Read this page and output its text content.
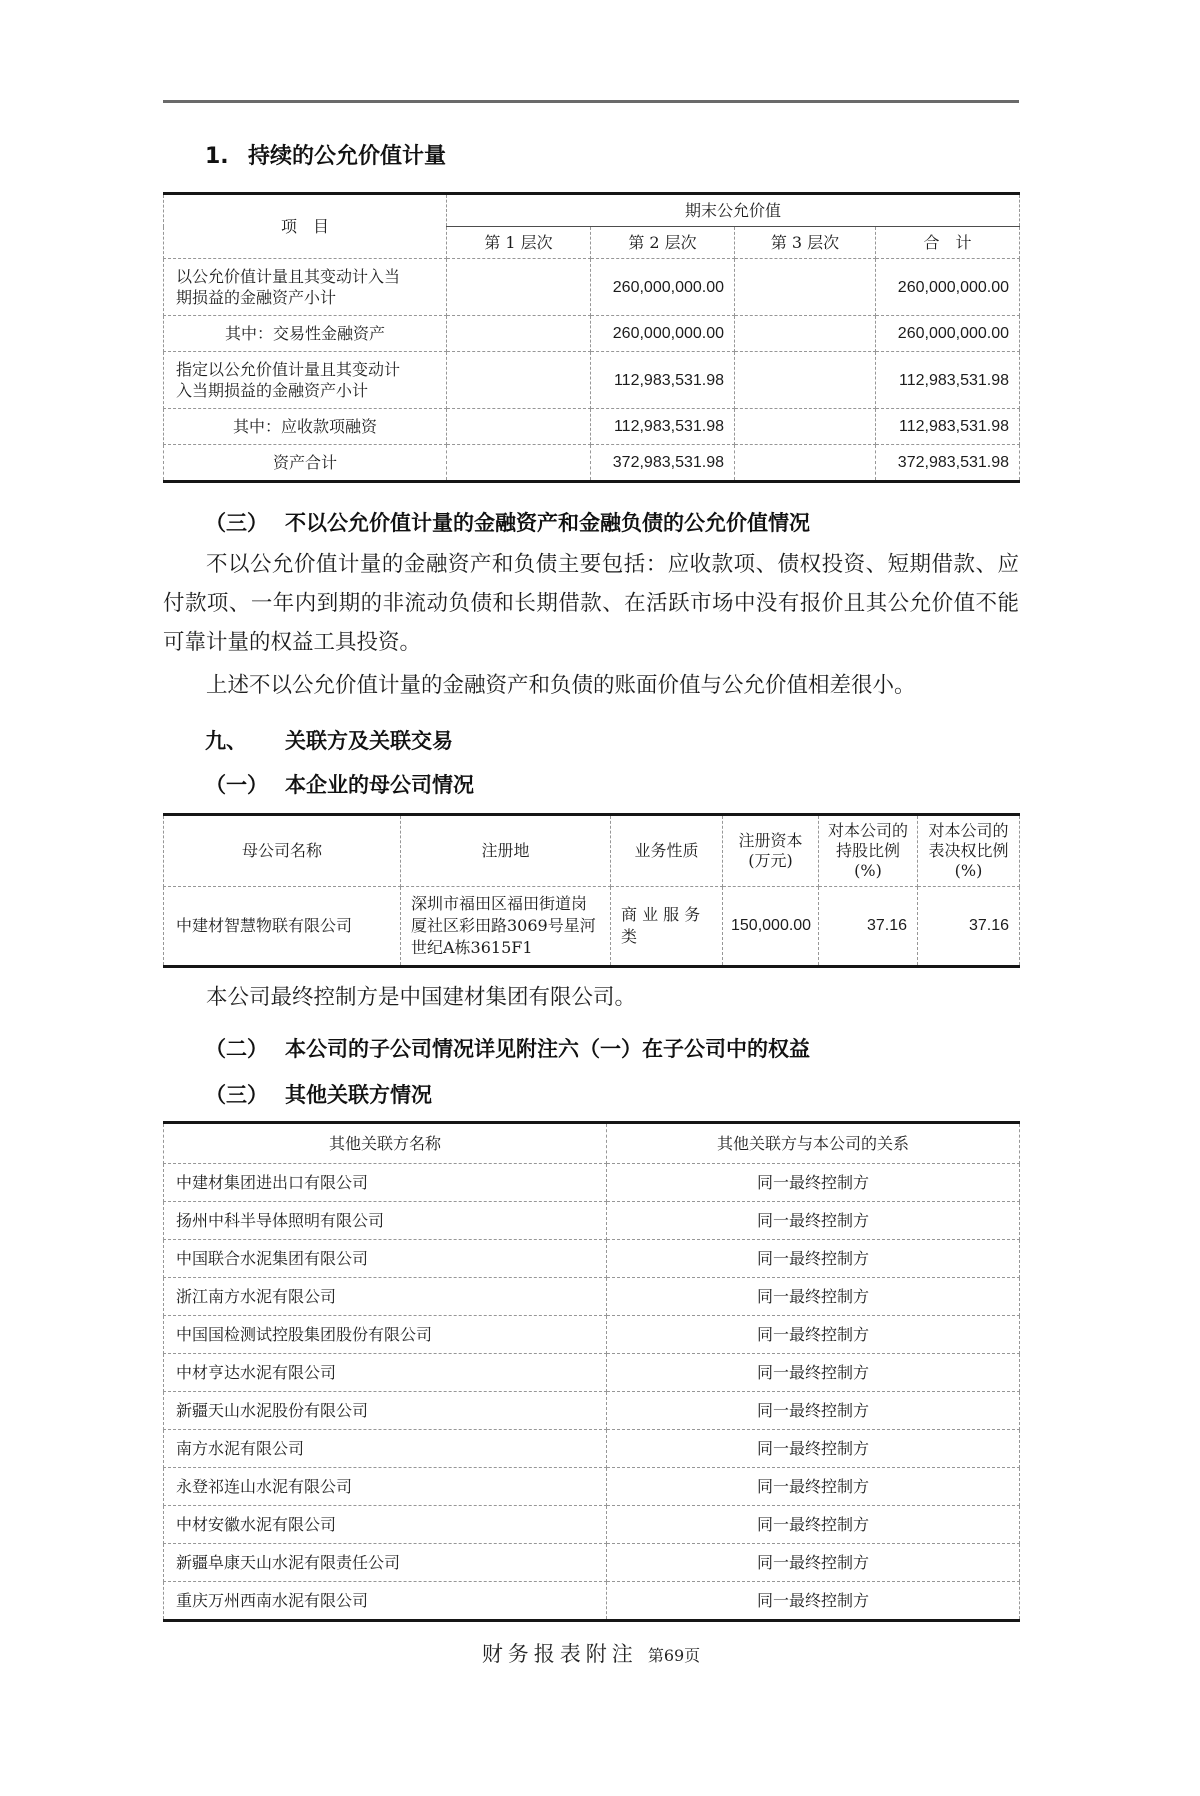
1. 持续的公允价值计量
项　目	期末公允价值			
	第 1 层次	第 2 层次	第 3 层次	合　计
以公允价值计量且其变动计入当期损益的金融资产小计		260,000,000.00		260,000,000.00
其中：交易性金融资产		260,000,000.00		260,000,000.00
指定以公允价值计量且其变动计入当期损益的金融资产小计		112,983,531.98		112,983,531.98
其中：应收款项融资		112,983,531.98		112,983,531.98
资产合计		372,983,531.98		372,983,531.98
（三） 不以公允价值计量的金融资产和金融负债的公允价值情况
不以公允价值计量的金融资产和负债主要包括：应收款项、债权投资、短期借款、应付款项、一年内到期的非流动负债和长期借款、在活跃市场中没有报价且其公允价值不能可靠计量的权益工具投资。
上述不以公允价值计量的金融资产和负债的账面价值与公允价值相差很小。
九、	关联方及关联交易
（一） 本企业的母公司情况
母公司名称	注册地	业务性质	注册资本 (万元)	对本公司的持股比例 (%)	对本公司的表决权比例 (%)
中建材智慧物联有限公司	深圳市福田区福田街道岗厦社区彩田路3069号星河世纪A栋3615F1	商 业 服 务 类	150,000.00	37.16	37.16
本公司最终控制方是中国建材集团有限公司。
（二） 本公司的子公司情况详见附注六（一）在子公司中的权益
（三） 其他关联方情况
其他关联方名称	其他关联方与本公司的关系
中建材集团进出口有限公司	同一最终控制方
扬州中科半导体照明有限公司	同一最终控制方
中国联合水泥集团有限公司	同一最终控制方
浙江南方水泥有限公司	同一最终控制方
中国国检测试控股集团股份有限公司	同一最终控制方
中材亨达水泥有限公司	同一最终控制方
新疆天山水泥股份有限公司	同一最终控制方
南方水泥有限公司	同一最终控制方
永登祁连山水泥有限公司	同一最终控制方
中材安徽水泥有限公司	同一最终控制方
新疆阜康天山水泥有限责任公司	同一最终控制方
重庆万州西南水泥有限公司	同一最终控制方
财务报表附注 第69页
